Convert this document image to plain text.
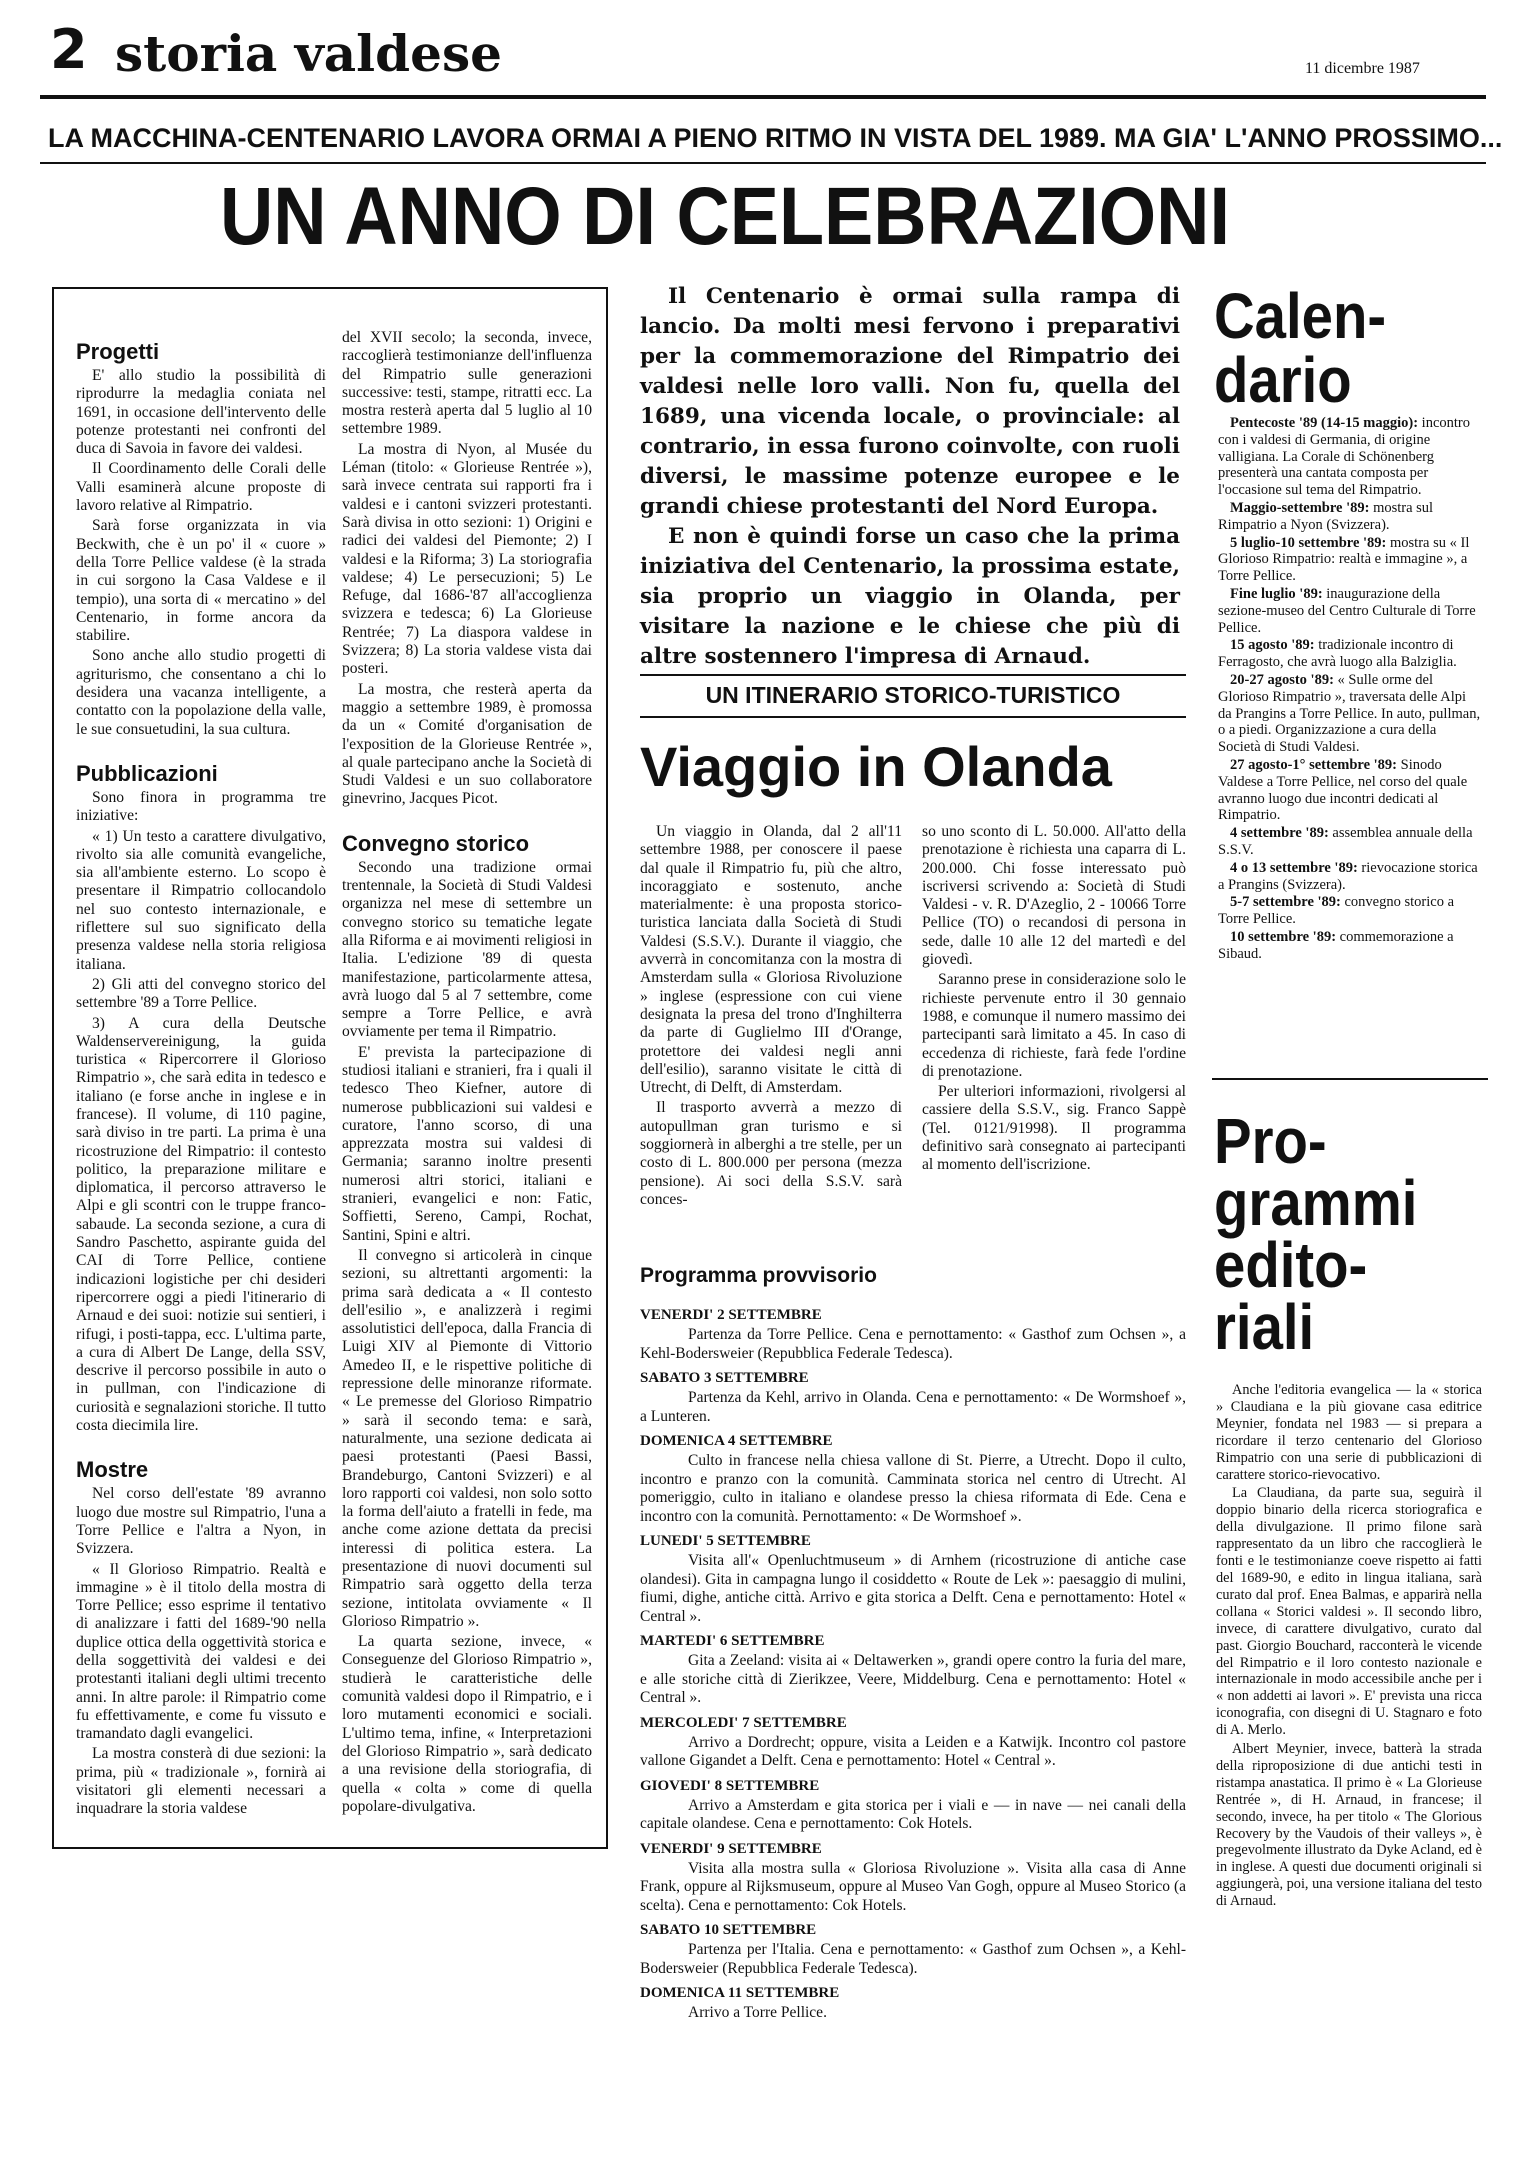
2 storia valdese	11 dicembre 1987
LA MACCHINA-CENTENARIO LAVORA ORMAI A PIENO RITMO IN VISTA DEL 1989. MA GIA' L'ANNO PROSSIMO...
UN ANNO DI CELEBRAZIONI

Progetti

E' allo studio la possibilità di riprodurre la medaglia coniata nel 1691, in occasione dell'intervento delle potenze protestanti nei confronti del duca di Savoia in favore dei valdesi.

Il Coordinamento delle Corali delle Valli esaminerà alcune proposte di lavoro relative al Rimpatrio.

Sarà forse organizzata in via Beckwith, che è un po' il « cuore » della Torre Pellice valdese (è la strada in cui sorgono la Casa Valdese e il tempio), una sorta di « mercatino » del Centenario, in forme ancora da stabilire.

Sono anche allo studio progetti di agriturismo, che consentano a chi lo desidera una vacanza intelligente, a contatto con la popolazione della valle, le sue consuetudini, la sua cultura.

Pubblicazioni

Sono finora in programma tre iniziative:

« 1) Un testo a carattere divulgativo, rivolto sia alle comunità evangeliche, sia all'ambiente esterno. Lo scopo è presentare il Rimpatrio collocandolo nel suo contesto internazionale, e riflettere sul suo significato della presenza valdese nella storia religiosa italiana.

2) Gli atti del convegno storico del settembre '89 a Torre Pellice.

3) A cura della Deutsche Waldenservereinigung, la guida turistica « Ripercorrere il Glorioso Rimpatrio », che sarà edita in tedesco e italiano (e forse anche in inglese e in francese). Il volume, di 110 pagine, sarà diviso in tre parti. La prima è una ricostruzione del Rimpatrio: il contesto politico, la preparazione militare e diplomatica, il percorso attraverso le Alpi e gli scontri con le truppe franco-sabaude. La seconda sezione, a cura di Sandro Paschetto, aspirante guida del CAI di Torre Pellice, contiene indicazioni logistiche per chi desideri ripercorrere oggi a piedi l'itinerario di Arnaud e dei suoi: notizie sui sentieri, i rifugi, i posti-tappa, ecc. L'ultima parte, a cura di Albert De Lange, della SSV, descrive il percorso possibile in auto o in pullman, con l'indicazione di curiosità e segnalazioni storiche. Il tutto costa diecimila lire.

Mostre

Nel corso dell'estate '89 avranno luogo due mostre sul Rimpatrio, l'una a Torre Pellice e l'altra a Nyon, in Svizzera.

« Il Glorioso Rimpatrio. Realtà e immagine » è il titolo della mostra di Torre Pellice; esso esprime il tentativo di analizzare i fatti del 1689-'90 nella duplice ottica della oggettività storica e della soggettività dei valdesi e dei protestanti italiani degli ultimi trecento anni. In altre parole: il Rimpatrio come fu effettivamente, e come fu vissuto e tramandato dagli evangelici.

La mostra consterà di due sezioni: la prima, più « tradizionale », fornirà ai visitatori gli elementi necessari a inquadrare la storia valdese

del XVII secolo; la seconda, invece, raccoglierà testimonianze dell'influenza del Rimpatrio sulle generazioni successive: testi, stampe, ritratti ecc. La mostra resterà aperta dal 5 luglio al 10 settembre 1989.

La mostra di Nyon, al Musée du Léman (titolo: « Glorieuse Rentrée »), sarà invece centrata sui rapporti fra i valdesi e i cantoni svizzeri protestanti. Sarà divisa in otto sezioni: 1) Origini e radici dei valdesi del Piemonte; 2) I valdesi e la Riforma; 3) La storiografia valdese; 4) Le persecuzioni; 5) Le Refuge, dal 1686-'87 all'accoglienza svizzera e tedesca; 6) La Glorieuse Rentrée; 7) La diaspora valdese in Svizzera; 8) La storia valdese vista dai posteri.

La mostra, che resterà aperta da maggio a settembre 1989, è promossa da un « Comité d'organisation de l'exposition de la Glorieuse Rentrée », al quale partecipano anche la Società di Studi Valdesi e un suo collaboratore ginevrino, Jacques Picot.

Convegno storico

Secondo una tradizione ormai trentennale, la Società di Studi Valdesi organizza nel mese di settembre un convegno storico su tematiche legate alla Riforma e ai movimenti religiosi in Italia. L'edizione '89 di questa manifestazione, particolarmente attesa, avrà luogo dal 5 al 7 settembre, come sempre a Torre Pellice, e avrà ovviamente per tema il Rimpatrio.

E' prevista la partecipazione di studiosi italiani e stranieri, fra i quali il tedesco Theo Kiefner, autore di numerose pubblicazioni sui valdesi e curatore, l'anno scorso, di una apprezzata mostra sui valdesi di Germania; saranno inoltre presenti numerosi altri storici, italiani e stranieri, evangelici e non: Fatic, Soffietti, Sereno, Campi, Rochat, Santini, Spini e altri.

Il convegno si articolerà in cinque sezioni, su altrettanti argomenti: la prima sarà dedicata a « Il contesto dell'esilio », e analizzerà i regimi assolutistici dell'epoca, dalla Francia di Luigi XIV al Piemonte di Vittorio Amedeo II, e le rispettive politiche di repressione delle minoranze riformate. « Le premesse del Glorioso Rimpatrio » sarà il secondo tema: e sarà, naturalmente, una sezione dedicata ai paesi protestanti (Paesi Bassi, Brandeburgo, Cantoni Svizzeri) e al loro rapporti coi valdesi, non solo sotto la forma dell'aiuto a fratelli in fede, ma anche come azione dettata da precisi interessi di politica estera. La presentazione di nuovi documenti sul Rimpatrio sarà oggetto della terza sezione, intitolata ovviamente « Il Glorioso Rimpatrio ».

La quarta sezione, invece, « Conseguenze del Glorioso Rimpatrio », studierà le caratteristiche delle comunità valdesi dopo il Rimpatrio, e i loro mutamenti economici e sociali. L'ultimo tema, infine, « Interpretazioni del Glorioso Rimpatrio », sarà dedicato a una revisione della storiografia, di quella « colta » come di quella popolare-divulgativa.

Il Centenario è ormai sulla rampa di lancio. Da molti mesi fervono i preparativi per la commemorazione del Rimpatrio dei valdesi nelle loro valli. Non fu, quella del 1689, una vicenda locale, o provinciale: al contrario, in essa furono coinvolte, con ruoli diversi, le massime potenze europee e le grandi chiese protestanti del Nord Europa.

E non è quindi forse un caso che la prima iniziativa del Centenario, la prossima estate, sia proprio un viaggio in Olanda, per visitare la nazione e le chiese che più di altre sostennero l'impresa di Arnaud.

UN ITINERARIO STORICO-TURISTICO
Viaggio in Olanda

Un viaggio in Olanda, dal 2 all'11 settembre 1988, per conoscere il paese dal quale il Rimpatrio fu, più che altro, incoraggiato e sostenuto, anche materialmente: è una proposta storico-turistica lanciata dalla Società di Studi Valdesi (S.S.V.). Durante il viaggio, che avverrà in concomitanza con la mostra di Amsterdam sulla « Gloriosa Rivoluzione » inglese (espressione con cui viene designata la presa del trono d'Inghilterra da parte di Guglielmo III d'Orange, protettore dei valdesi negli anni dell'esilio), saranno visitate le città di Utrecht, di Delft, di Amsterdam.

Il trasporto avverrà a mezzo di autopullman gran turismo e si soggiornerà in alberghi a tre stelle, per un costo di L. 800.000 per persona (mezza pensione). Ai soci della S.S.V. sarà conces-

so uno sconto di L. 50.000. All'atto della prenotazione è richiesta una caparra di L. 200.000. Chi fosse interessato può iscriversi scrivendo a: Società di Studi Valdesi - v. R. D'Azeglio, 2 - 10066 Torre Pellice (TO) o recandosi di persona in sede, dalle 10 alle 12 del martedì e del giovedì.

Saranno prese in considerazione solo le richieste pervenute entro il 30 gennaio 1988, e comunque il numero massimo dei partecipanti sarà limitato a 45. In caso di eccedenza di richieste, farà fede l'ordine di prenotazione.

Per ulteriori informazioni, rivolgersi al cassiere della S.S.V., sig. Franco Sappè (Tel. 0121/91998). Il programma definitivo sarà consegnato ai partecipanti al momento dell'iscrizione.

Programma provvisorio
VENERDI' 2 SETTEMBRE
Partenza da Torre Pellice. Cena e pernottamento: « Gasthof zum Ochsen », a Kehl-Bodersweier (Repubblica Federale Tedesca).
SABATO 3 SETTEMBRE
Partenza da Kehl, arrivo in Olanda. Cena e pernottamento: « De Wormshoef », a Lunteren.
DOMENICA 4 SETTEMBRE
Culto in francese nella chiesa vallone di St. Pierre, a Utrecht. Dopo il culto, incontro e pranzo con la comunità. Camminata storica nel centro di Utrecht. Al pomeriggio, culto in italiano e olandese presso la chiesa riformata di Ede. Cena e incontro con la comunità. Pernottamento: « De Wormshoef ».
LUNEDI' 5 SETTEMBRE
Visita all'« Openluchtmuseum » di Arnhem (ricostruzione di antiche case olandesi). Gita in campagna lungo il cosiddetto « Route de Lek »: paesaggio di mulini, fiumi, dighe, antiche città. Arrivo e gita storica a Delft. Cena e pernottamento: Hotel « Central ».
MARTEDI' 6 SETTEMBRE
Gita a Zeeland: visita ai « Deltawerken », grandi opere contro la furia del mare, e alle storiche città di Zierikzee, Veere, Middelburg. Cena e pernottamento: Hotel « Central ».
MERCOLEDI' 7 SETTEMBRE
Arrivo a Dordrecht; oppure, visita a Leiden e a Katwijk. Incontro col pastore vallone Gigandet a Delft. Cena e pernottamento: Hotel « Central ».
GIOVEDI' 8 SETTEMBRE
Arrivo a Amsterdam e gita storica per i viali e — in nave — nei canali della capitale olandese. Cena e pernottamento: Cok Hotels.
VENERDI' 9 SETTEMBRE
Visita alla mostra sulla « Gloriosa Rivoluzione ». Visita alla casa di Anne Frank, oppure al Rijksmuseum, oppure al Museo Van Gogh, oppure al Museo Storico (a scelta). Cena e pernottamento: Cok Hotels.
SABATO 10 SETTEMBRE
Partenza per l'Italia. Cena e pernottamento: « Gasthof zum Ochsen », a Kehl-Bodersweier (Repubblica Federale Tedesca).
DOMENICA 11 SETTEMBRE
Arrivo a Torre Pellice.
Calen-
dario

Pentecoste '89 (14-15 maggio): incontro con i valdesi di Germania, di origine valligiana. La Corale di Schönenberg presenterà una cantata composta per l'occasione sul tema del Rimpatrio.

Maggio-settembre '89: mostra sul Rimpatrio a Nyon (Svizzera).

5 luglio-10 settembre '89: mostra su « Il Glorioso Rimpatrio: realtà e immagine », a Torre Pellice.

Fine luglio '89: inaugurazione della sezione-museo del Centro Culturale di Torre Pellice.

15 agosto '89: tradizionale incontro di Ferragosto, che avrà luogo alla Balziglia.

20-27 agosto '89: « Sulle orme del Glorioso Rimpatrio », traversata delle Alpi da Prangins a Torre Pellice. In auto, pullman, o a piedi. Organizzazione a cura della Società di Studi Valdesi.

27 agosto-1° settembre '89: Sinodo Valdese a Torre Pellice, nel corso del quale avranno luogo due incontri dedicati al Rimpatrio.

4 settembre '89: assemblea annuale della S.S.V.

4 o 13 settembre '89: rievocazione storica a Prangins (Svizzera).

5-7 settembre '89: convegno storico a Torre Pellice.

10 settembre '89: commemorazione a Sibaud.

Pro-
grammi
edito-
riali

Anche l'editoria evangelica — la « storica » Claudiana e la più giovane casa editrice Meynier, fondata nel 1983 — si prepara a ricordare il terzo centenario del Glorioso Rimpatrio con una serie di pubblicazioni di carattere storico-rievocativo.

La Claudiana, da parte sua, seguirà il doppio binario della ricerca storiografica e della divulgazione. Il primo filone sarà rappresentato da un libro che raccoglierà le fonti e le testimonianze coeve rispetto ai fatti del 1689-90, e edito in lingua italiana, sarà curato dal prof. Enea Balmas, e apparirà nella collana « Storici valdesi ». Il secondo libro, invece, di carattere divulgativo, curato dal past. Giorgio Bouchard, racconterà le vicende del Rimpatrio e il loro contesto nazionale e internazionale in modo accessibile anche per i « non addetti ai lavori ». E' prevista una ricca iconografia, con disegni di U. Stagnaro e foto di A. Merlo.

Albert Meynier, invece, batterà la strada della riproposizione di due antichi testi in ristampa anastatica. Il primo è « La Glorieuse Rentrée », di H. Arnaud, in francese; il secondo, invece, ha per titolo « The Glorious Recovery by the Vaudois of their valleys », è pregevolmente illustrato da Dyke Acland, ed è in inglese. A questi due documenti originali si aggiungerà, poi, una versione italiana del testo di Arnaud.
